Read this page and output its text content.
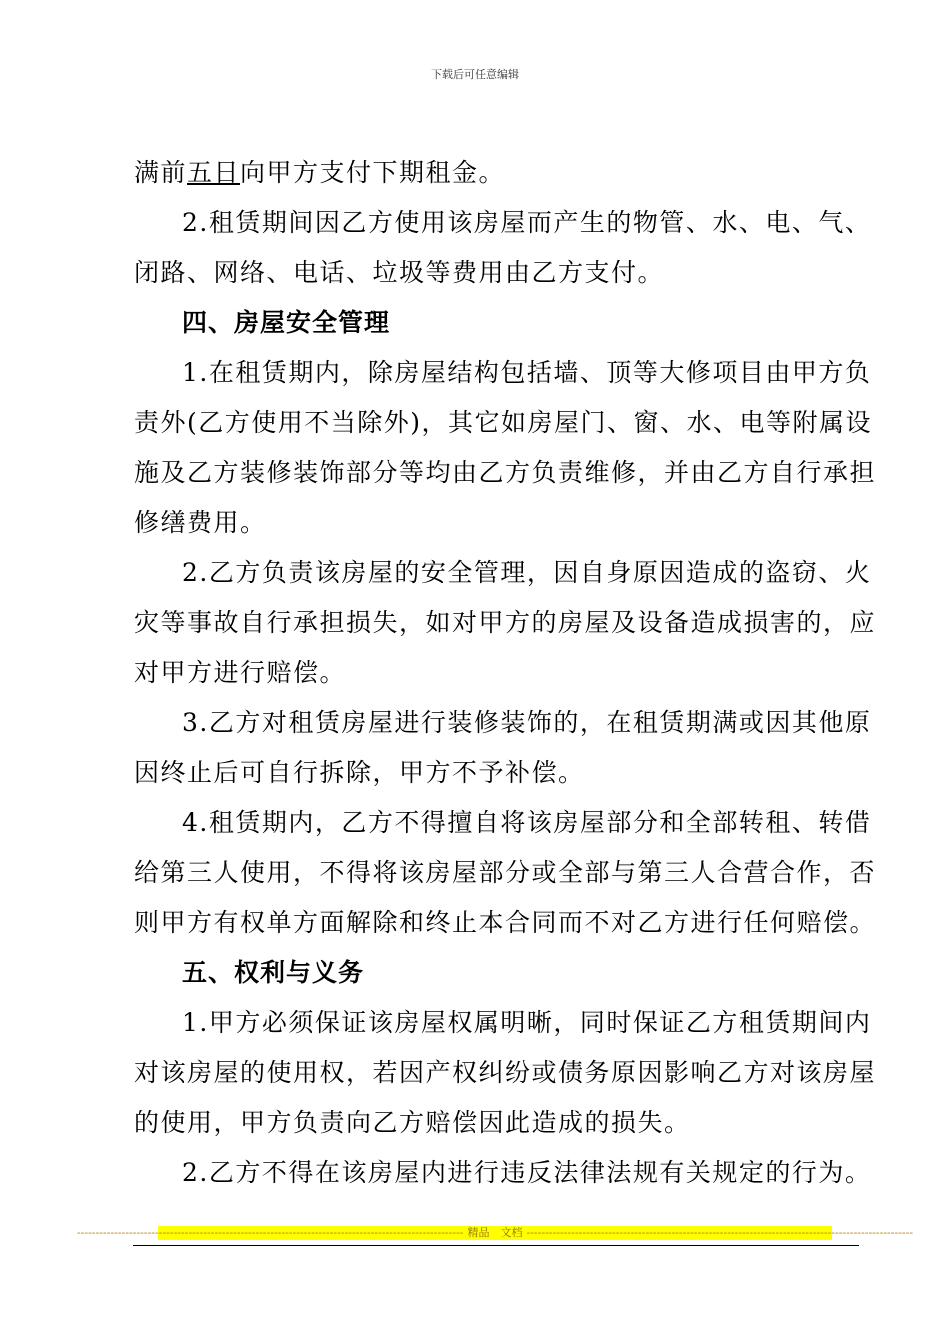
下载后可任意编辑
满前五日向甲方支付下期租金。
2.租赁期间因乙方使用该房屋而产生的物管、水、电、气、
闭路、网络、电话、垃圾等费用由乙方支付。
四、房屋安全管理
1.在租赁期内，除房屋结构包括墙、顶等大修项目由甲方负
责外(乙方使用不当除外)，其它如房屋门、窗、水、电等附属设
施及乙方装修装饰部分等均由乙方负责维修，并由乙方自行承担
修缮费用。
2.乙方负责该房屋的安全管理，因自身原因造成的盗窃、火
灾等事故自行承担损失，如对甲方的房屋及设备造成损害的，应
对甲方进行赔偿。
3.乙方对租赁房屋进行装修装饰的，在租赁期满或因其他原
因终止后可自行拆除，甲方不予补偿。
4.租赁期内，乙方不得擅自将该房屋部分和全部转租、转借
给第三人使用，不得将该房屋部分或全部与第三人合营合作，否
则甲方有权单方面解除和终止本合同而不对乙方进行任何赔偿。
五、权利与义务
1.甲方必须保证该房屋权属明晰，同时保证乙方租赁期间内
对该房屋的使用权，若因产权纠纷或债务原因影响乙方对该房屋
的使用，甲方负责向乙方赔偿因此造成的损失。
2.乙方不得在该房屋内进行违反法律法规有关规定的行为。
-------------------------------------------------------------------------------------------------------- 精品　文档 --------------------------------------------------------------------------------------------------------
